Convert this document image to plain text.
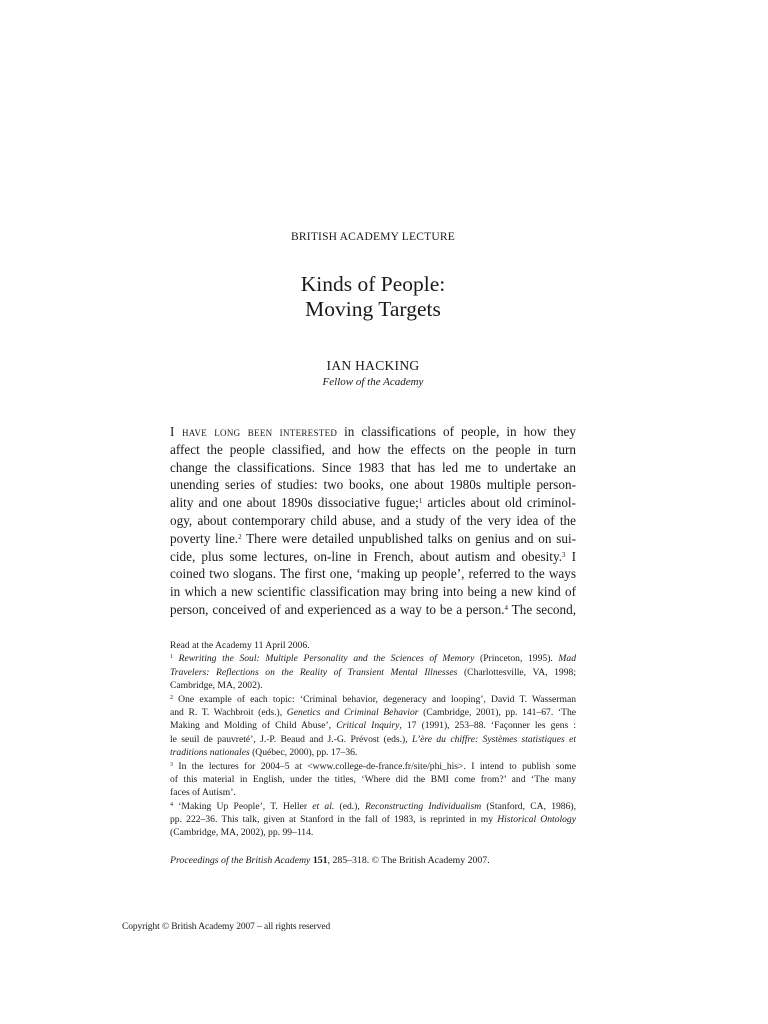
BRITISH ACADEMY LECTURE
Kinds of People:
Moving Targets
IAN HACKING
Fellow of the Academy
I have long been interested in classifications of people, in how they
affect the people classified, and how the effects on the people in turn
change the classifications. Since 1983 that has led me to undertake an
unending series of studies: two books, one about 1980s multiple person-
ality and one about 1890s dissociative fugue;$^1$ articles about old criminol-
ogy, about contemporary child abuse, and a study of the very idea of the
poverty line.$^2$ There were detailed unpublished talks on genius and on sui-
cide, plus some lectures, on-line in French, about autism and obesity.$^3$ I
coined two slogans. The first one, ‘making up people’, referred to the ways
in which a new scientific classification may bring into being a new kind of
person, conceived of and experienced as a way to be a person.$^4$ The second,
Read at the Academy 11 April 2006.
$^1$ Rewriting the Soul: Multiple Personality and the Sciences of Memory (Princeton, 1995). Mad
Travelers: Reflections on the Reality of Transient Mental Illnesses (Charlottesville, VA, 1998;
Cambridge, MA, 2002).
$^2$ One example of each topic: ‘Criminal behavior, degeneracy and looping’, David T. Wasserman
and R. T. Wachbroit (eds.), Genetics and Criminal Behavior (Cambridge, 2001), pp. 141–67. ‘The
Making and Molding of Child Abuse’, Critical Inquiry, 17 (1991), 253–88. ‘Façonner les gens :
le seuil de pauvreté’, J.-P. Beaud and J.-G. Prévost (eds.), L’ère du chiffre: Systèmes statistiques et
traditions nationales (Québec, 2000), pp. 17–36.
$^3$ In the lectures for 2004–5 at <www.college-de-france.fr/site/phi_his>. I intend to publish some
of this material in English, under the titles, ‘Where did the BMI come from?’ and ‘The many
faces of Autism’.
$^4$ ‘Making Up People’, T. Heller et al. (ed.), Reconstructing Individualism (Stanford, CA, 1986),
pp. 222–36. This talk, given at Stanford in the fall of 1983, is reprinted in my Historical Ontology
(Cambridge, MA, 2002), pp. 99–114.
Proceedings of the British Academy 151, 285–318. © The British Academy 2007.
Copyright © British Academy 2007 – all rights reserved
